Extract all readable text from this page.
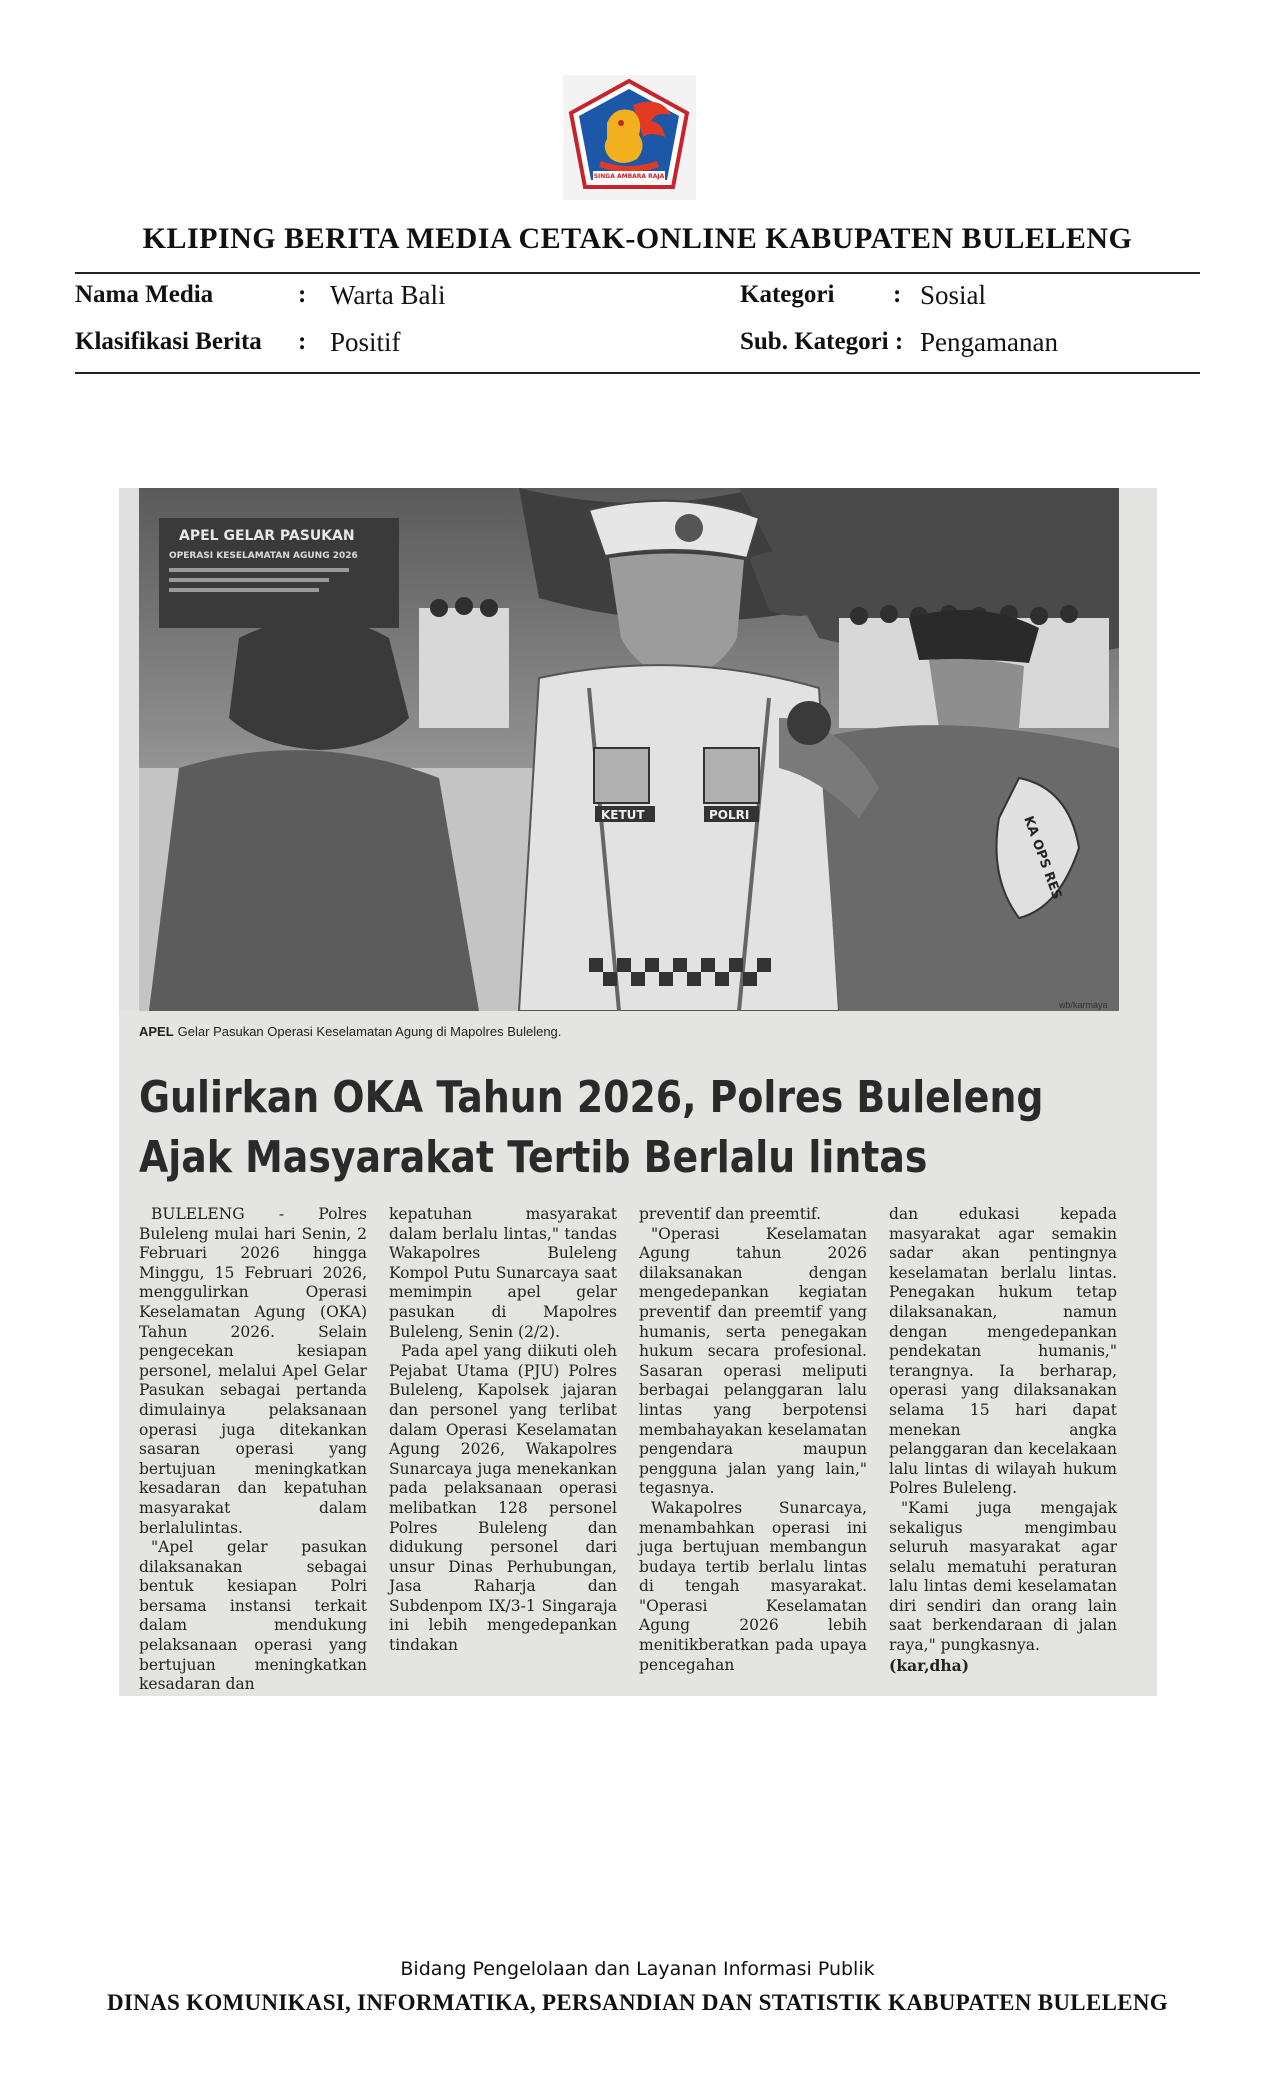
SINGA AMBARA RAJA
KLIPING BERITA MEDIA CETAK-ONLINE KABUPATEN BULELENG
Nama Media	: Warta Bali	Kategori : Sosial
Klasifikasi Berita : Positif	Sub. Kategori : Pengamanan
APEL GELAR PASUKAN
OPERASI KESELAMATAN AGUNG 2026
KETUT	POLRI	KA OPS RES
wb/karmaya
APEL Gelar Pasukan Operasi Keselamatan Agung di Mapolres Buleleng.
Gulirkan OKA Tahun 2026, Polres Buleleng
Ajak Masyarakat Tertib Berlalu lintas

BULELENG - Polres Buleleng mulai hari Senin, 2 Februari 2026 hingga Minggu, 15 Februari 2026, menggulirkan Operasi Keselamatan Agung (OKA) Tahun 2026. Selain pengecekan kesiapan personel, melalui Apel Gelar Pasukan sebagai pertanda dimulainya pelaksanaan operasi juga ditekankan sasaran operasi yang bertujuan meningkatkan kesadaran dan kepatuhan masyarakat dalam berlalulintas.

"Apel gelar pasukan dilaksanakan sebagai bentuk kesiapan Polri bersama instansi terkait dalam mendukung pelaksanaan operasi yang bertujuan meningkatkan kesadaran dan

kepatuhan masyarakat dalam berlalu lintas," tandas Wakapolres Buleleng Kompol Putu Sunarcaya saat memimpin apel gelar pasukan di Mapolres Buleleng, Senin (2/2).

Pada apel yang diikuti oleh Pejabat Utama (PJU) Polres Buleleng, Kapolsek jajaran dan personel yang terlibat dalam Operasi Keselamatan Agung 2026, Wakapolres Sunarcaya juga menekankan pada pelaksanaan operasi melibatkan 128 personel Polres Buleleng dan didukung personel dari unsur Dinas Perhubungan, Jasa Raharja dan Subdenpom IX/3-1 Singaraja ini lebih mengedepankan tindakan

preventif dan preemtif.

"Operasi Keselamatan Agung tahun 2026 dilaksanakan dengan mengedepankan kegiatan preventif dan preemtif yang humanis, serta penegakan hukum secara profesional. Sasaran operasi meliputi berbagai pelanggaran lalu lintas yang berpotensi membahayakan keselamatan pengendara maupun pengguna jalan yang lain," tegasnya.

Wakapolres Sunarcaya, menambahkan operasi ini juga bertujuan membangun budaya tertib berlalu lintas di tengah masyarakat. "Operasi Keselamatan Agung 2026 lebih menitikberatkan pada upaya pencegahan

dan edukasi kepada masyarakat agar semakin sadar akan pentingnya keselamatan berlalu lintas. Penegakan hukum tetap dilaksanakan, namun dengan mengedepankan pendekatan humanis," terangnya. Ia berharap, operasi yang dilaksanakan selama 15 hari dapat menekan angka pelanggaran dan kecelakaan lalu lintas di wilayah hukum Polres Buleleng.

"Kami juga mengajak sekaligus mengimbau seluruh masyarakat agar selalu mematuhi peraturan lalu lintas demi keselamatan diri sendiri dan orang lain saat berkendaraan di jalan raya," pungkasnya.

(kar,dha)

Bidang Pengelolaan dan Layanan Informasi Publik
DINAS KOMUNIKASI, INFORMATIKA, PERSANDIAN DAN STATISTIK KABUPATEN BULELENG
